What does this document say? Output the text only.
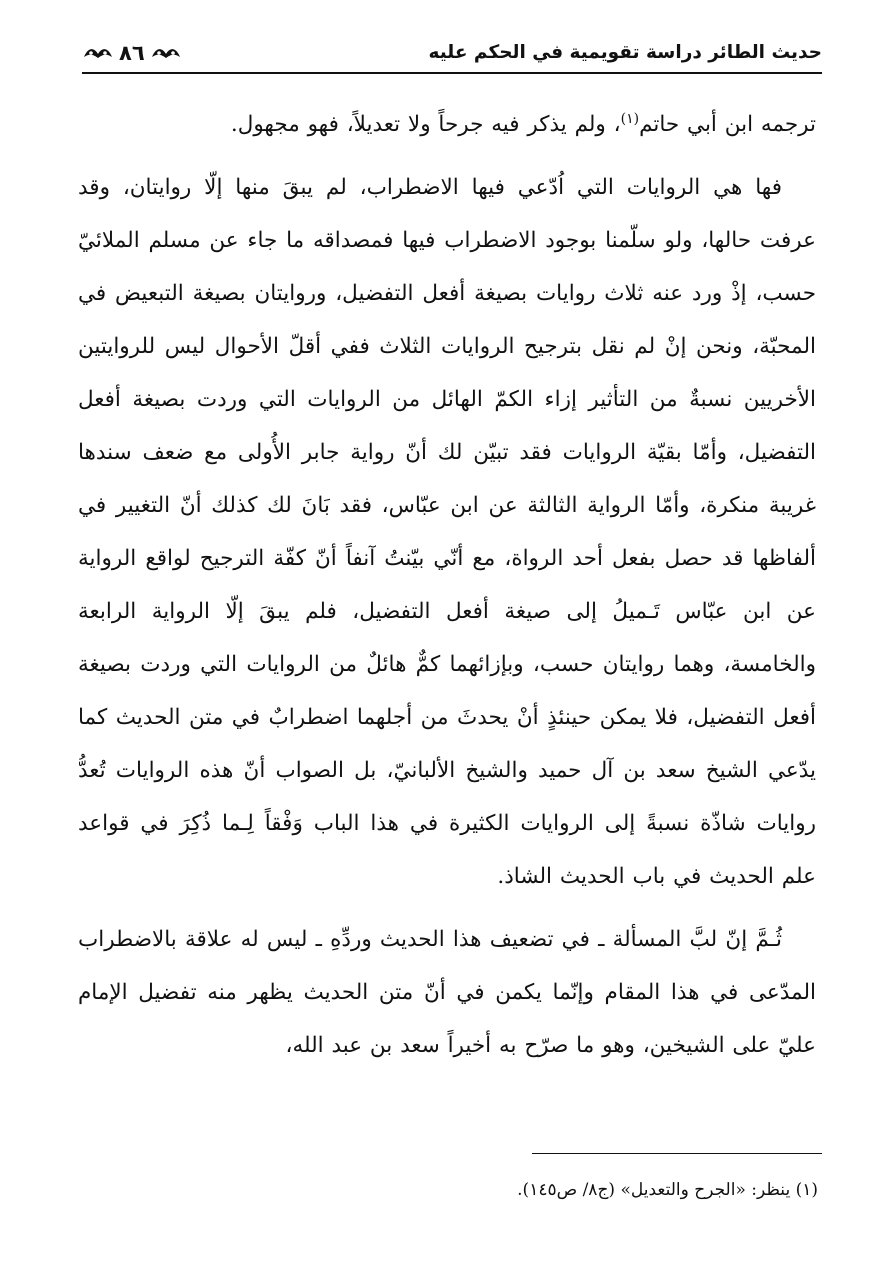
حديث الطائر دراسة تقويمية في الحكم عليه
٨٦

ترجمه ابن أبي حاتم$^{(١)}$، ولم يذكر فيه جرحاً ولا تعديلاً، فهو مجهول.

فها هي الروايات التي اُدّعي فيها الاضطراب، لم يبقَ منها إلّا روايتان، وقد عرفت حالها، ولو سلّمنا بوجود الاضطراب فيها فمصداقه ما جاء عن مسلم الملائيّ حسب، إذْ ورد عنه ثلاث روايات بصيغة أفعل التفضيل، وروايتان بصيغة التبعيض في المحبّة، ونحن إنْ لم نقل بترجيح الروايات الثلاث ففي أقلّ الأحوال ليس للروايتين الأخريين نسبةٌ من التأثير إزاء الكمّ الهائل من الروايات التي وردت بصيغة أفعل التفضيل، وأمّا بقيّة الروايات فقد تبيّن لك أنّ رواية جابر الأُولى مع ضعف سندها غريبة منكرة، وأمّا الرواية الثالثة عن ابن عبّاس، فقد بَانَ لك كذلك أنّ التغيير في ألفاظها قد حصل بفعل أحد الرواة، مع أنّي بيّنتُ آنفاً أنّ كفّة الترجيح لواقع الرواية عن ابن عبّاس تَـميلُ إلى صيغة أفعل التفضيل، فلم يبقَ إلّا الرواية الرابعة والخامسة، وهما روايتان حسب، وبإزائهما كمٌّ هائلٌ من الروايات التي وردت بصيغة أفعل التفضيل، فلا يمكن حينئذٍ أنْ يحدثَ من أجلهما اضطرابٌ في متن الحديث كما يدّعي الشيخ سعد بن آل حميد والشيخ الألبانيّ، بل الصواب أنّ هذه الروايات تُعدُّ روايات شاذّة نسبةً إلى الروايات الكثيرة في هذا الباب وَفْقاً لِـما ذُكِرَ في قواعد علم الحديث في باب الحديث الشاذ.

ثُـمَّ إنّ لبَّ المسألة ـ في تضعيف هذا الحديث وردِّهِ ـ ليس له علاقة بالاضطراب المدّعى في هذا المقام وإنّما يكمن في أنّ متن الحديث يظهر منه تفضيل الإمام عليّ على الشيخين، وهو ما صرّح به أخيراً سعد بن عبد الله،

(١) ينظر: «الجرح والتعديل» (ج٨/ ص١٤٥).
